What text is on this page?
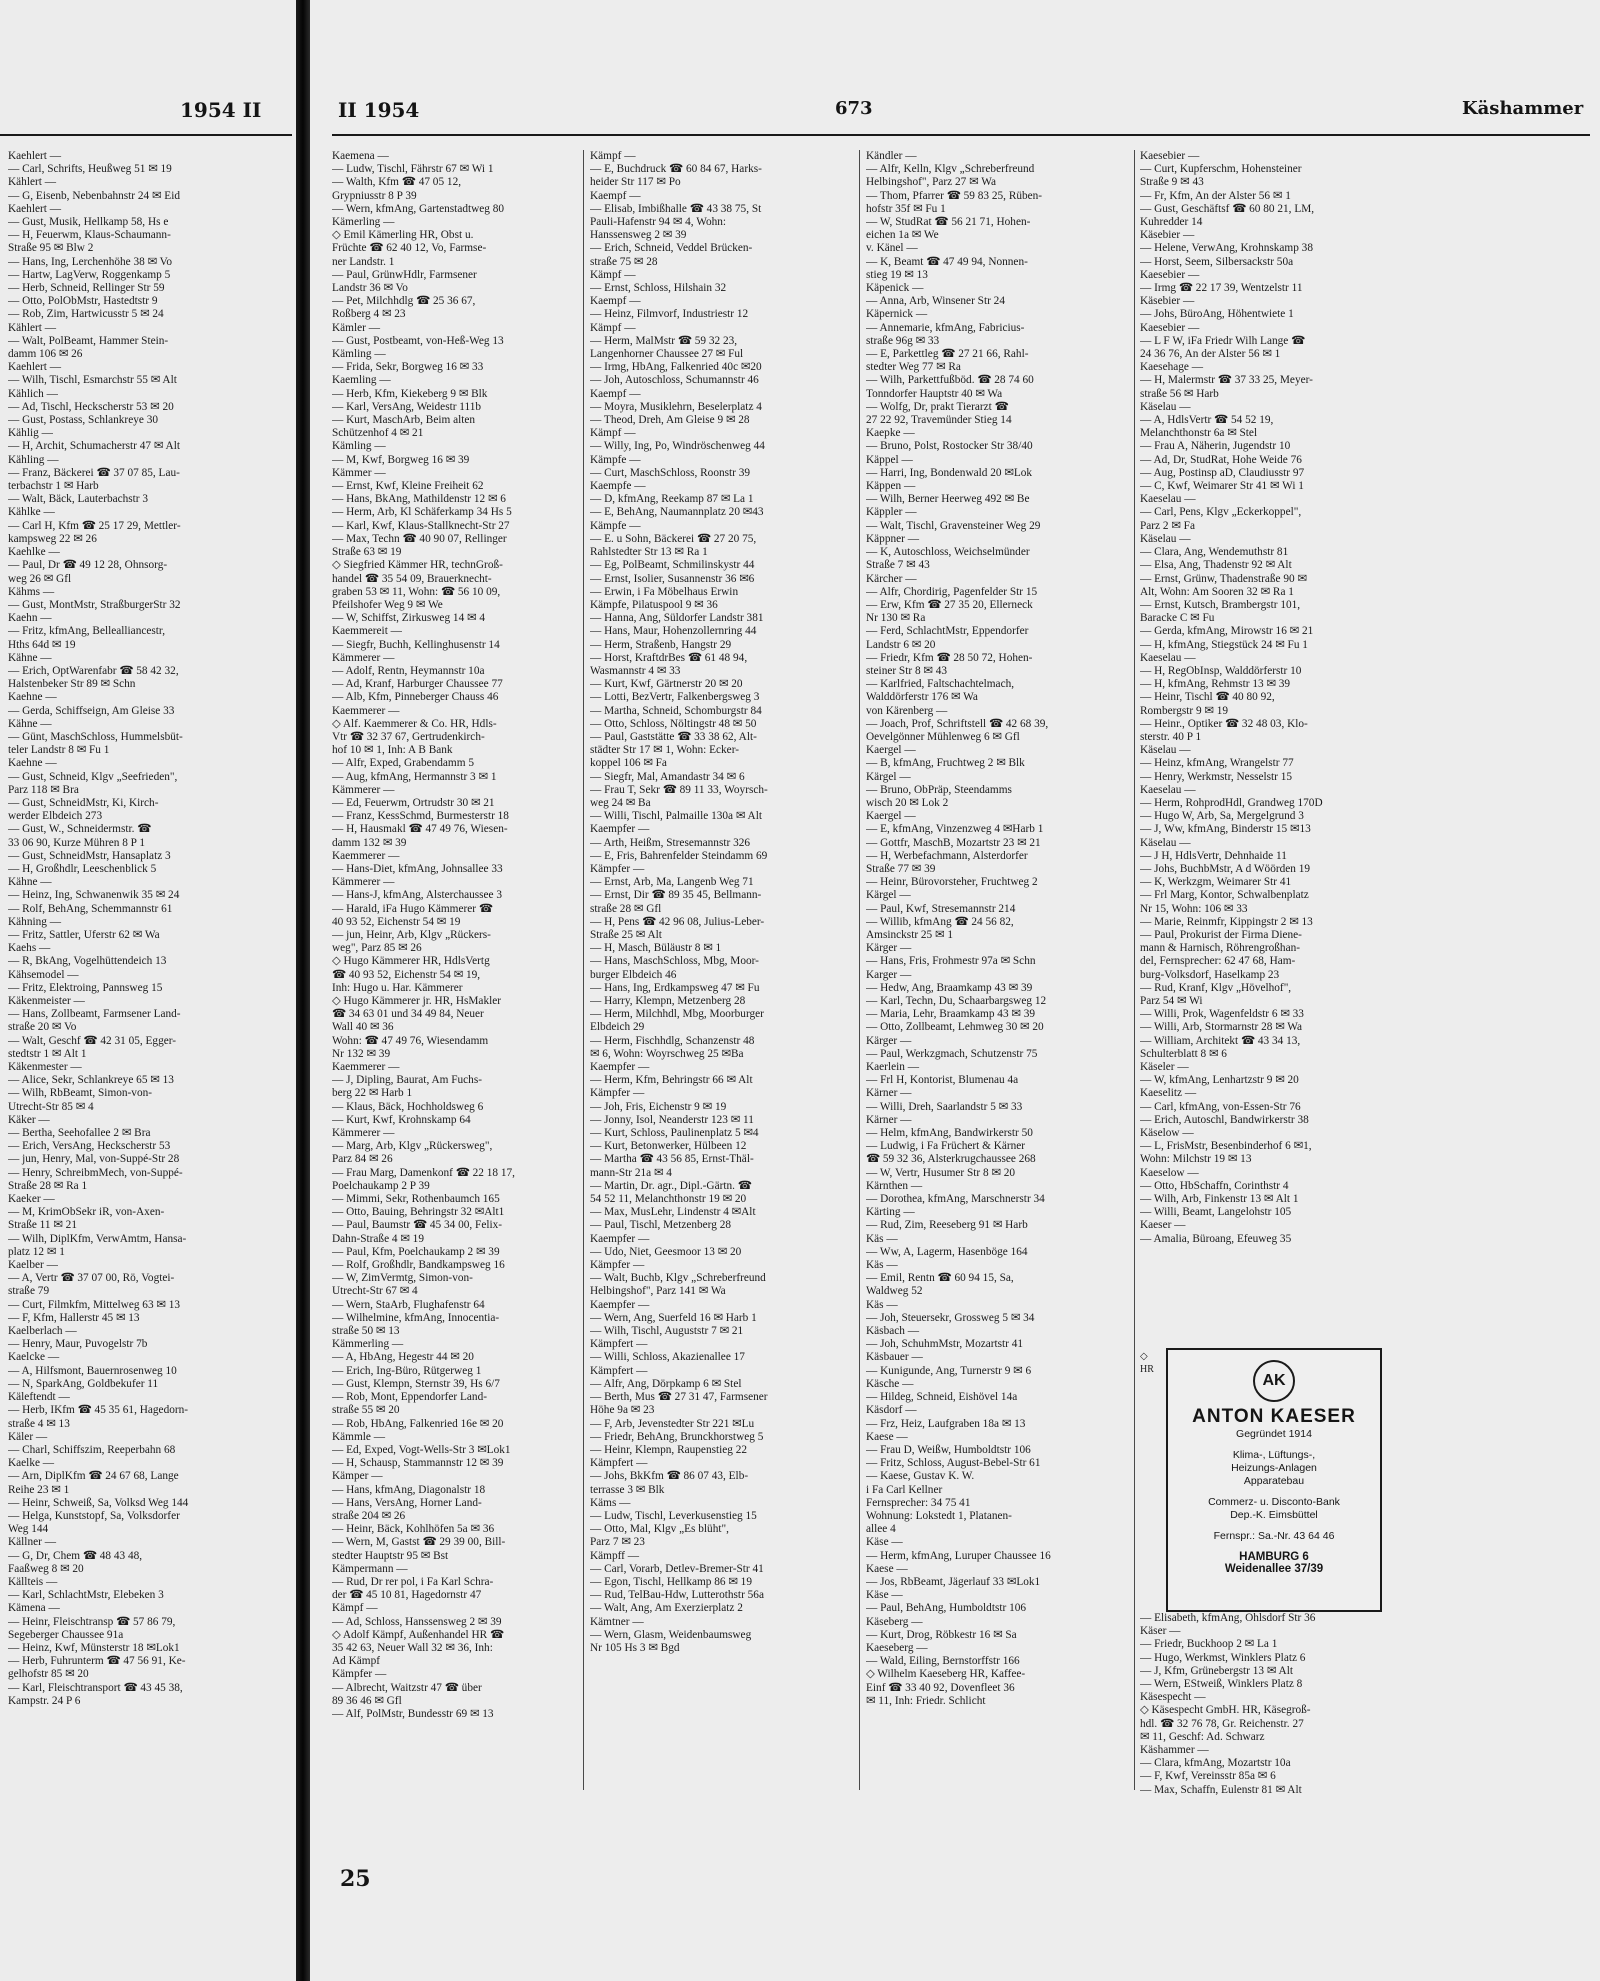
1954 II
Kaehlert —
— Carl, Schrifts, Heußweg 51 ✉ 19
Kählert —
— G, Eisenb, Nebenbahnstr 24 ✉ Eid
Kaehlert —
— Gust, Musik, Hellkamp 58, Hs e
— H, Feuerwm, Klaus-Schaumann-
Straße 95 ✉ Blw 2
— Hans, Ing, Lerchenhöhe 38 ✉ Vo
— Hartw, LagVerw, Roggenkamp 5
— Herb, Schneid, Rellinger Str 59
— Otto, PolObMstr, Hastedtstr 9
— Rob, Zim, Hartwicusstr 5 ✉ 24
Kählert —
— Walt, PolBeamt, Hammer Stein-
damm 106 ✉ 26
Kaehlert —
— Wilh, Tischl, Esmarchstr 55 ✉ Alt
Kählich —
— Ad, Tischl, Heckscherstr 53 ✉ 20
— Gust, Postass, Schlankreye 30
Kählig —
— H, Archit, Schumacherstr 47 ✉ Alt
Kähling —
— Franz, Bäckerei ☎ 37 07 85, Lau-
terbachstr 1 ✉ Harb
— Walt, Bäck, Lauterbachstr 3
Kählke —
— Carl H, Kfm ☎ 25 17 29, Mettler-
kampsweg 22 ✉ 26
Kaehlke —
— Paul, Dr ☎ 49 12 28, Ohnsorg-
weg 26 ✉ Gfl
Kähms —
— Gust, MontMstr, StraßburgerStr 32
Kaehn —
— Fritz, kfmAng, Bellealliancestr,
Hths 64d ✉ 19
Kähne —
— Erich, OptWarenfabr ☎ 58 42 32,
Halstenbeker Str 89 ✉ Schn
Kaehne —
— Gerda, Schiffseign, Am Gleise 33
Kähne —
— Günt, MaschSchloss, Hummelsbüt-
teler Landstr 8 ✉ Fu 1
Kaehne —
— Gust, Schneid, Klgv „Seefrieden",
Parz 118 ✉ Bra
— Gust, SchneidMstr, Ki, Kirch-
werder Elbdeich 273
— Gust, W., Schneidermstr. ☎
33 06 90, Kurze Mühren 8 P 1
— Gust, SchneidMstr, Hansaplatz 3
— H, Großhdlr, Leeschenblick 5
Kähne —
— Heinz, Ing, Schwanenwik 35 ✉ 24
— Rolf, BehAng, Schemmannstr 61
Kähning —
— Fritz, Sattler, Uferstr 62 ✉ Wa
Kaehs —
— R, BkAng, Vogelhüttendeich 13
Kähsemodel —
— Fritz, Elektroing, Pannsweg 15
Käkenmeister —
— Hans, Zollbeamt, Farmsener Land-
straße 20 ✉ Vo
— Walt, Geschf ☎ 42 31 05, Egger-
stedtstr 1 ✉ Alt 1
Käkenmester —
— Alice, Sekr, Schlankreye 65 ✉ 13
— Wilh, RbBeamt, Simon-von-
Utrecht-Str 85 ✉ 4
Käker —
— Bertha, Seehofallee 2 ✉ Bra
— Erich, VersAng, Heckscherstr 53
— jun, Henry, Mal, von-Suppé-Str 28
— Henry, SchreibmMech, von-Suppé-
Straße 28 ✉ Ra 1
Kaeker —
— M, KrimObSekr iR, von-Axen-
Straße 11 ✉ 21
— Wilh, DiplKfm, VerwAmtm, Hansa-
platz 12 ✉ 1
Kaelber —
— A, Vertr ☎ 37 07 00, Rö, Vogtei-
straße 79
— Curt, Filmkfm, Mittelweg 63 ✉ 13
— F, Kfm, Hallerstr 45 ✉ 13
Kaelberlach —
— Henry, Maur, Puvogelstr 7b
Kaelcke —
— A, Hilfsmont, Bauernrosenweg 10
— N, SparkAng, Goldbekufer 11
Käleftendt —
— Herb, IKfm ☎ 45 35 61, Hagedorn-
straße 4 ✉ 13
Käler —
— Charl, Schiffszim, Reeperbahn 68
Kaelke —
— Arn, DiplKfm ☎ 24 67 68, Lange
Reihe 23 ✉ 1
— Heinr, Schweiß, Sa, Volksd Weg 144
— Helga, Kunststopf, Sa, Volksdorfer
Weg 144
Källner —
— G, Dr, Chem ☎ 48 43 48,
Faaßweg 8 ✉ 20
Källteis —
— Karl, SchlachtMstr, Elebeken 3
Kämena —
— Heinr, Fleischtransp ☎ 57 86 79,
Segeberger Chaussee 91a
— Heinz, Kwf, Münsterstr 18 ✉Lok1
— Herb, Fuhrunterm ☎ 47 56 91, Ke-
gelhofstr 85 ✉ 20
— Karl, Fleischtransport ☎ 43 45 38,
Kampstr. 24 P 6
II 1954	673	Käshammer
Kaemena —
— Ludw, Tischl, Fährstr 67 ✉ Wi 1
— Walth, Kfm ☎ 47 05 12,
Grypniusstr 8 P 39
— Wern, kfmAng, Gartenstadtweg 80
Kämerling —
◇ Emil Kämerling HR, Obst u.
Früchte ☎ 62 40 12, Vo, Farmse-
ner Landstr. 1
— Paul, GrünwHdlr, Farmsener
Landstr 36 ✉ Vo
— Pet, Milchhdlg ☎ 25 36 67,
Roßberg 4 ✉ 23
Kämler —
— Gust, Postbeamt, von-Heß-Weg 13
Kämling —
— Frida, Sekr, Borgweg 16 ✉ 33
Kaemling —
— Herb, Kfm, Kiekeberg 9 ✉ Blk
— Karl, VersAng, Weidestr 111b
— Kurt, MaschArb, Beim alten
Schützenhof 4 ✉ 21
Kämling —
— M, Kwf, Borgweg 16 ✉ 39
Kämmer —
— Ernst, Kwf, Kleine Freiheit 62
— Hans, BkAng, Mathildenstr 12 ✉ 6
— Herm, Arb, Kl Schäferkamp 34 Hs 5
— Karl, Kwf, Klaus-Stallknecht-Str 27
— Max, Techn ☎ 40 90 07, Rellinger
Straße 63 ✉ 19
◇ Siegfried Kämmer HR, technGroß-
handel ☎ 35 54 09, Brauerknecht-
graben 53 ✉ 11, Wohn: ☎ 56 10 09,
Pfeilshofer Weg 9 ✉ We
— W, Schiffst, Zirkusweg 14 ✉ 4
Kaemmereit —
— Siegfr, Buchh, Kellinghusenstr 14
Kämmerer —
— Adolf, Rentn, Heymannstr 10a
— Ad, Kranf, Harburger Chaussee 77
— Alb, Kfm, Pinneberger Chauss 46
Kaemmerer —
◇ Alf. Kaemmerer & Co. HR, Hdls-
Vtr ☎ 32 37 67, Gertrudenkirch-
hof 10 ✉ 1, Inh: A B Bank
— Alfr, Exped, Grabendamm 5
— Aug, kfmAng, Hermannstr 3 ✉ 1
Kämmerer —
— Ed, Feuerwm, Ortrudstr 30 ✉ 21
— Franz, KessSchmd, Burmesterstr 18
— H, Hausmakl ☎ 47 49 76, Wiesen-
damm 132 ✉ 39
Kaemmerer —
— Hans-Diet, kfmAng, Johnsallee 33
Kämmerer —
— Hans-J, kfmAng, Alsterchaussee 3
— Harald, iFa Hugo Kämmerer ☎
40 93 52, Eichenstr 54 ✉ 19
— jun, Heinr, Arb, Klgv „Rückers-
weg", Parz 85 ✉ 26
◇ Hugo Kämmerer HR, HdlsVertg
☎ 40 93 52, Eichenstr 54 ✉ 19,
Inh: Hugo u. Har. Kämmerer
◇ Hugo Kämmerer jr. HR, HsMakler
☎ 34 63 01 und 34 49 84, Neuer
Wall 40 ✉ 36
Wohn: ☎ 47 49 76, Wiesendamm
Nr 132 ✉ 39
Kaemmerer —
— J, Dipling, Baurat, Am Fuchs-
berg 22 ✉ Harb 1
— Klaus, Bäck, Hochholdsweg 6
— Kurt, Kwf, Krohnskamp 64
Kämmerer —
— Marg, Arb, Klgv „Rückersweg",
Parz 84 ✉ 26
— Frau Marg, Damenkonf ☎ 22 18 17,
Poelchaukamp 2 P 39
— Mimmi, Sekr, Rothenbaumch 165
— Otto, Bauing, Behringstr 32 ✉Alt1
— Paul, Baumstr ☎ 45 34 00, Felix-
Dahn-Straße 4 ✉ 19
— Paul, Kfm, Poelchaukamp 2 ✉ 39
— Rolf, Großhdlr, Bandkampsweg 16
— W, ZimVermtg, Simon-von-
Utrecht-Str 67 ✉ 4
— Wern, StaArb, Flughafenstr 64
— Wilhelmine, kfmAng, Innocentia-
straße 50 ✉ 13
Kämmerling —
— A, HbAng, Hegestr 44 ✉ 20
— Erich, Ing-Büro, Rütgerweg 1
— Gust, Klempn, Sternstr 39, Hs 6/7
— Rob, Mont, Eppendorfer Land-
straße 55 ✉ 20
— Rob, HbAng, Falkenried 16e ✉ 20
Kämmle —
— Ed, Exped, Vogt-Wells-Str 3 ✉Lok1
— H, Schausp, Stammannstr 12 ✉ 39
Kämper —
— Hans, kfmAng, Diagonalstr 18
— Hans, VersAng, Horner Land-
straße 204 ✉ 26
— Heinr, Bäck, Kohlhöfen 5a ✉ 36
— Wern, M, Gastst ☎ 29 39 00, Bill-
stedter Hauptstr 95 ✉ Bst
Kämpermann —
— Rud, Dr rer pol, i Fa Karl Schra-
der ☎ 45 10 81, Hagedornstr 47
Kämpf —
— Ad, Schloss, Hanssensweg 2 ✉ 39
◇ Adolf Kämpf, Außenhandel HR ☎
35 42 63, Neuer Wall 32 ✉ 36, Inh:
Ad Kämpf
Kämpfer —
— Albrecht, Waitzstr 47 ☎ über
89 36 46 ✉ Gfl
— Alf, PolMstr, Bundesstr 69 ✉ 13
Kämpf —
— E, Buchdruck ☎ 60 84 67, Harks-
heider Str 117 ✉ Po
Kaempf —
— Elisab, Imbißhalle ☎ 43 38 75, St
Pauli-Hafenstr 94 ✉ 4, Wohn:
Hanssensweg 2 ✉ 39
— Erich, Schneid, Veddel Brücken-
straße 75 ✉ 28
Kämpf —
— Ernst, Schloss, Hilshain 32
Kaempf —
— Heinz, Filmvorf, Industriestr 12
Kämpf —
— Herm, MalMstr ☎ 59 32 23,
Langenhorner Chaussee 27 ✉ Ful
— Irmg, HbAng, Falkenried 40c ✉20
— Joh, Autoschloss, Schumannstr 46
Kaempf —
— Moyra, Musiklehrn, Beselerplatz 4
— Theod, Dreh, Am Gleise 9 ✉ 28
Kämpf —
— Willy, Ing, Po, Windröschenweg 44
Kämpfe —
— Curt, MaschSchloss, Roonstr 39
Kaempfe —
— D, kfmAng, Reekamp 87 ✉ La 1
— E, BehAng, Naumannplatz 20 ✉43
Kämpfe —
— E. u Sohn, Bäckerei ☎ 27 20 75,
Rahlstedter Str 13 ✉ Ra 1
— Eg, PolBeamt, Schmilinskystr 44
— Ernst, Isolier, Susannenstr 36 ✉6
— Erwin, i Fa Möbelhaus Erwin
Kämpfe, Pilatuspool 9 ✉ 36
— Hanna, Ang, Süldorfer Landstr 381
— Hans, Maur, Hohenzollernring 44
— Herm, Straßenb, Hangstr 29
— Horst, KraftdrBes ☎ 61 48 94,
Wasmannstr 4 ✉ 33
— Kurt, Kwf, Gärtnerstr 20 ✉ 20
— Lotti, BezVertr, Falkenbergsweg 3
— Martha, Schneid, Schomburgstr 84
— Otto, Schloss, Nöltingstr 48 ✉ 50
— Paul, Gaststätte ☎ 33 38 62, Alt-
städter Str 17 ✉ 1, Wohn: Ecker-
koppel 106 ✉ Fa
— Siegfr, Mal, Amandastr 34 ✉ 6
— Frau T, Sekr ☎ 89 11 33, Woyrsch-
weg 24 ✉ Ba
— Willi, Tischl, Palmaille 130a ✉ Alt
Kaempfer —
— Arth, Heißm, Stresemannstr 326
— E, Fris, Bahrenfelder Steindamm 69
Kämpfer —
— Ernst, Arb, Ma, Langenb Weg 71
— Ernst, Dir ☎ 89 35 45, Bellmann-
straße 28 ✉ Gfl
— H, Pens ☎ 42 96 08, Julius-Leber-
Straße 25 ✉ Alt
— H, Masch, Büläustr 8 ✉ 1
— Hans, MaschSchloss, Mbg, Moor-
burger Elbdeich 46
— Hans, Ing, Erdkampsweg 47 ✉ Fu
— Harry, Klempn, Metzenberg 28
— Herm, Milchhdl, Mbg, Moorburger
Elbdeich 29
— Herm, Fischhdlg, Schanzenstr 48
✉ 6, Wohn: Woyrschweg 25 ✉Ba
Kaempfer —
— Herm, Kfm, Behringstr 66 ✉ Alt
Kämpfer —
— Joh, Fris, Eichenstr 9 ✉ 19
— Jonny, Isol, Neanderstr 123 ✉ 11
— Kurt, Schloss, Paulinenplatz 5 ✉4
— Kurt, Betonwerker, Hülbeen 12
— Martha ☎ 43 56 85, Ernst-Thäl-
mann-Str 21a ✉ 4
— Martin, Dr. agr., Dipl.-Gärtn. ☎
54 52 11, Melanchthonstr 19 ✉ 20
— Max, MusLehr, Lindenstr 4 ✉Alt
— Paul, Tischl, Metzenberg 28
Kaempfer —
— Udo, Niet, Geesmoor 13 ✉ 20
Kämpfer —
— Walt, Buchb, Klgv „Schreberfreund
Helbingshof", Parz 141 ✉ Wa
Kaempfer —
— Wern, Ang, Suerfeld 16 ✉ Harb 1
— Wilh, Tischl, Auguststr 7 ✉ 21
Kämpfert —
— Willi, Schloss, Akazienallee 17
Kämpfert —
— Alfr, Ang, Dörpkamp 6 ✉ Stel
— Berth, Mus ☎ 27 31 47, Farmsener
Höhe 9a ✉ 23
— F, Arb, Jevenstedter Str 221 ✉Lu
— Friedr, BehAng, Brunckhorstweg 5
— Heinr, Klempn, Raupenstieg 22
Kämpfert —
— Johs, BkKfm ☎ 86 07 43, Elb-
terrasse 3 ✉ Blk
Käms —
— Ludw, Tischl, Leverkusenstieg 15
— Otto, Mal, Klgv „Es blüht",
Parz 7 ✉ 23
Kämpff —
— Carl, Vorarb, Detlev-Bremer-Str 41
— Egon, Tischl, Hellkamp 86 ✉ 19
— Rud, TelBau-Hdw, Lutterothstr 56a
— Walt, Ang, Am Exerzierplatz 2
Kämtner —
— Wern, Glasm, Weidenbaumsweg
Nr 105 Hs 3 ✉ Bgd
Kändler —
— Alfr, Kelln, Klgv „Schreberfreund
Helbingshof", Parz 27 ✉ Wa
— Thom, Pfarrer ☎ 59 83 25, Rüben-
hofstr 35f ✉ Fu 1
— W, StudRat ☎ 56 21 71, Hohen-
eichen 1a ✉ We
v. Känel —
— K, Beamt ☎ 47 49 94, Nonnen-
stieg 19 ✉ 13
Käpenick —
— Anna, Arb, Winsener Str 24
Käpernick —
— Annemarie, kfmAng, Fabricius-
straße 96g ✉ 33
— E, Parkettleg ☎ 27 21 66, Rahl-
stedter Weg 77 ✉ Ra
— Wilh, Parkettfußböd. ☎ 28 74 60
Tonndorfer Hauptstr 40 ✉ Wa
— Wolfg, Dr, prakt Tierarzt ☎
27 22 92, Travemünder Stieg 14
Kaepke —
— Bruno, Polst, Rostocker Str 38/40
Käppel —
— Harri, Ing, Bondenwald 20 ✉Lok
Käppen —
— Wilh, Berner Heerweg 492 ✉ Be
Käppler —
— Walt, Tischl, Gravensteiner Weg 29
Käppner —
— K, Autoschloss, Weichselmünder
Straße 7 ✉ 43
Kärcher —
— Alfr, Chordirig, Pagenfelder Str 15
— Erw, Kfm ☎ 27 35 20, Ellerneck
Nr 130 ✉ Ra
— Ferd, SchlachtMstr, Eppendorfer
Landstr 6 ✉ 20
— Friedr, Kfm ☎ 28 50 72, Hohen-
steiner Str 8 ✉ 43
— Karlfried, Faltschachtelmach,
Walddörferstr 176 ✉ Wa
von Kärenberg —
— Joach, Prof, Schriftstell ☎ 42 68 39,
Oevelgönner Mühlenweg 6 ✉ Gfl
Kaergel —
— B, kfmAng, Fruchtweg 2 ✉ Blk
Kärgel —
— Bruno, ObPräp, Steendamms
wisch 20 ✉ Lok 2
Kaergel —
— E, kfmAng, Vinzenzweg 4 ✉Harb 1
— Gottfr, MaschB, Mozartstr 23 ✉ 21
— H, Werbefachmann, Alsterdorfer
Straße 77 ✉ 39
— Heinr, Bürovorsteher, Fruchtweg 2
Kärgel —
— Paul, Kwf, Stresemannstr 214
— Willib, kfmAng ☎ 24 56 82,
Amsinckstr 25 ✉ 1
Kärger —
— Hans, Fris, Frohmestr 97a ✉ Schn
Karger —
— Hedw, Ang, Braamkamp 43 ✉ 39
— Karl, Techn, Du, Schaarbargsweg 12
— Maria, Lehr, Braamkamp 43 ✉ 39
— Otto, Zollbeamt, Lehmweg 30 ✉ 20
Kärger —
— Paul, Werkzgmach, Schutzenstr 75
Kaerlein —
— Frl H, Kontorist, Blumenau 4a
Kärner —
— Willi, Dreh, Saarlandstr 5 ✉ 33
Kärner —
— Helm, kfmAng, Bandwirkerstr 50
— Ludwig, i Fa Früchert & Kärner
☎ 59 32 36, Alsterkrugchaussee 268
— W, Vertr, Husumer Str 8 ✉ 20
Kärnthen —
— Dorothea, kfmAng, Marschnerstr 34
Kärting —
— Rud, Zim, Reeseberg 91 ✉ Harb
Käs —
— Ww, A, Lagerm, Hasenböge 164
Käs —
— Emil, Rentn ☎ 60 94 15, Sa,
Waldweg 52
Käs —
— Joh, Steuersekr, Grossweg 5 ✉ 34
Käsbach —
— Joh, SchuhmMstr, Mozartstr 41
Käsbauer —
— Kunigunde, Ang, Turnerstr 9 ✉ 6
Käsche —
— Hildeg, Schneid, Eishövel 14a
Käsdorf —
— Frz, Heiz, Laufgraben 18a ✉ 13
Kaese —
— Frau D, Weißw, Humboldtstr 106
— Fritz, Schloss, August-Bebel-Str 61
— Kaese, Gustav K. W.
i Fa Carl Kellner
Fernsprecher: 34 75 41
Wohnung: Lokstedt 1, Platanen-
allee 4
Käse —
— Herm, kfmAng, Luruper Chaussee 16
Kaese —
— Jos, RbBeamt, Jägerlauf 33 ✉Lok1
Käse —
— Paul, BehAng, Humboldtstr 106
Käseberg —
— Kurt, Drog, Röbkestr 16 ✉ Sa
Kaeseberg —
— Wald, Eiling, Bernstorffstr 166
◇ Wilhelm Kaeseberg HR, Kaffee-
Einf ☎ 33 40 92, Dovenfleet 36
✉ 11, Inh: Friedr. Schlicht
Kaesebier —
— Curt, Kupferschm, Hohensteiner
Straße 9 ✉ 43
— Fr, Kfm, An der Alster 56 ✉ 1
— Gust, Geschäftsf ☎ 60 80 21, LM,
Kuhredder 14
Käsebier —
— Helene, VerwAng, Krohnskamp 38
— Horst, Seem, Silbersackstr 50a
Kaesebier —
— Irmg ☎ 22 17 39, Wentzelstr 11
Käsebier —
— Johs, BüroAng, Höhentwiete 1
Kaesebier —
— L F W, iFa Friedr Wilh Lange ☎
24 36 76, An der Alster 56 ✉ 1
Kaesehage —
— H, Malermstr ☎ 37 33 25, Meyer-
straße 56 ✉ Harb
Käselau —
— A, HdlsVertr ☎ 54 52 19,
Melanchthonstr 6a ✉ Stel
— Frau A, Näherin, Jugendstr 10
— Ad, Dr, StudRat, Hohe Weide 76
— Aug, Postinsp aD, Claudiusstr 97
— C, Kwf, Weimarer Str 41 ✉ Wi 1
Kaeselau —
— Carl, Pens, Klgv „Eckerkoppel",
Parz 2 ✉ Fa
Käselau —
— Clara, Ang, Wendemuthstr 81
— Elsa, Ang, Thadenstr 92 ✉ Alt
— Ernst, Grünw, Thadenstraße 90 ✉
Alt, Wohn: Am Sooren 32 ✉ Ra 1
— Ernst, Kutsch, Brambergstr 101,
Baracke C ✉ Fu
— Gerda, kfmAng, Mirowstr 16 ✉ 21
— H, kfmAng, Stiegstück 24 ✉ Fu 1
Kaeselau —
— H, RegObInsp, Walddörferstr 10
— H, kfmAng, Rehmstr 13 ✉ 39
— Heinr, Tischl ☎ 40 80 92,
Rombergstr 9 ✉ 19
— Heinr., Optiker ☎ 32 48 03, Klo-
sterstr. 40 P 1
Käselau —
— Heinz, kfmAng, Wrangelstr 77
— Henry, Werkmstr, Nesselstr 15
Kaeselau —
— Herm, RohprodHdl, Grandweg 170D
— Hugo W, Arb, Sa, Mergelgrund 3
— J, Ww, kfmAng, Binderstr 15 ✉13
Käselau —
— J H, HdlsVertr, Dehnhaide 11
— Johs, BuchbMstr, A d Wöörden 19
— K, Werkzgm, Weimarer Str 41
— Frl Marg, Kontor, Schwalbenplatz
Nr 15, Wohn: 106 ✉ 33
— Marie, Reinmfr, Kippingstr 2 ✉ 13
— Paul, Prokurist der Firma Diene-
mann & Harnisch, Röhrengroßhan-
del, Fernsprecher: 62 47 68, Ham-
burg-Volksdorf, Haselkamp 23
— Rud, Kranf, Klgv „Hövelhof",
Parz 54 ✉ Wi
— Willi, Prok, Wagenfeldstr 6 ✉ 33
— Willi, Arb, Stormarnstr 28 ✉ Wa
— William, Architekt ☎ 43 34 13,
Schulterblatt 8 ✉ 6
Käseler —
— W, kfmAng, Lenhartzstr 9 ✉ 20
Kaeselitz —
— Carl, kfmAng, von-Essen-Str 76
— Erich, Autoschl, Bandwirkerstr 38
Käselow —
— L, FrisMstr, Besenbinderhof 6 ✉1,
Wohn: Milchstr 19 ✉ 13
Kaeselow —
— Otto, HbSchaffn, Corinthstr 4
— Wilh, Arb, Finkenstr 13 ✉ Alt 1
— Willi, Beamt, Langelohstr 105
Kaeser —
— Amalia, Büroang, Efeuweg 35
◇ HR
— Elisabeth, kfmAng, Ohlsdorf Str 36
Käser —
— Friedr, Buckhoop 2 ✉ La 1
— Hugo, Werkmst, Winklers Platz 6
— J, Kfm, Grünebergstr 13 ✉ Alt
— Wern, EStweiß, Winklers Platz 8
Käsespecht —
◇ Käsespecht GmbH. HR, Käsegroß-
hdl. ☎ 32 76 78, Gr. Reichenstr. 27
✉ 11, Geschf: Ad. Schwarz
Käshammer —
— Clara, kfmAng, Mozartstr 10a
— F, Kwf, Vereinsstr 85a ✉ 6
— Max, Schaffn, Eulenstr 81 ✉ Alt
AK
ANTON KAESER
Gegründet 1914
Klima-, Lüftungs-,
Heizungs-Anlagen
Apparatebau
Commerz- u. Disconto-Bank
Dep.-K. Eimsbüttel
Fernspr.: Sa.-Nr. 43 64 46
HAMBURG 6
Weidenallee 37/39
25
